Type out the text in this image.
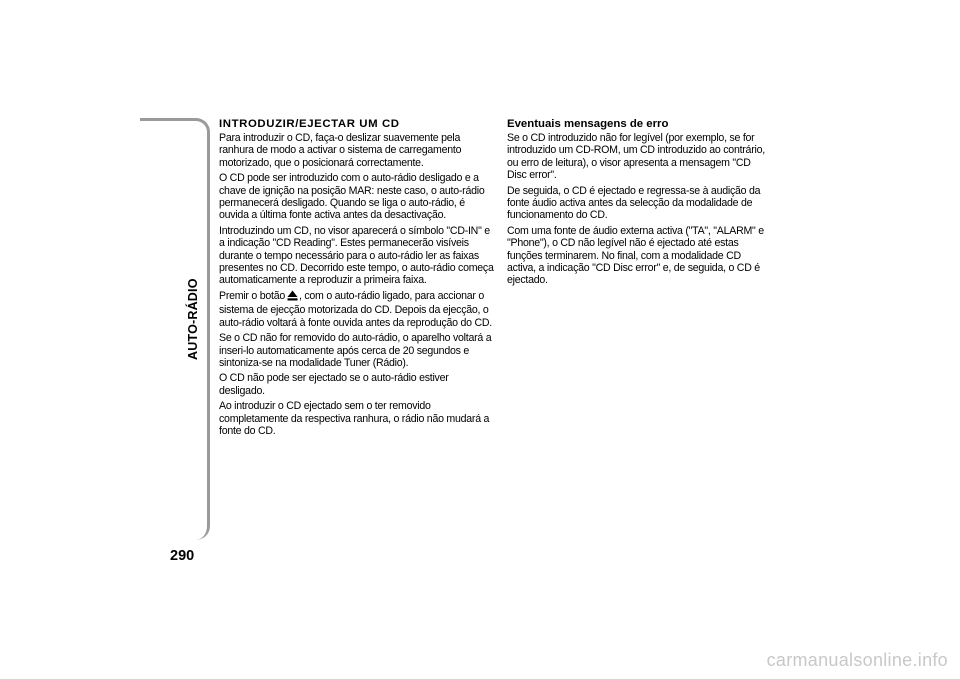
AUTO-RÁDIO
290
INTRODUZIR/EJECTAR UM CD

Para introduzir o CD, faça-o deslizar suavemente pela ranhura de modo a activar o sistema de carregamento motorizado, que o posicionará correctamente.

O CD pode ser introduzido com o auto-rádio desligado e a chave de ignição na posição MAR: neste caso, o auto-rádio permanecerá desligado. Quando se liga o auto-rádio, é ouvida a última fonte activa antes da desactivação.

Introduzindo um CD, no visor aparecerá o símbolo "CD-IN" e a indicação "CD Reading". Estes permanecerão visíveis durante o tempo necessário para o auto-rádio ler as faixas presentes no CD. Decorrido este tempo, o auto-rádio começa automaticamente a reproduzir a primeira faixa.

Premir o botão , com o auto-rádio ligado, para accionar o sistema de ejecção motorizada do CD. Depois da ejecção, o auto-rádio voltará à fonte ouvida antes da reprodução do CD.

Se o CD não for removido do auto-rádio, o aparelho voltará a inseri-lo automaticamente após cerca de 20 segundos e sintoniza-se na modalidade Tuner (Rádio).

O CD não pode ser ejectado se o auto-rádio estiver desligado.

Ao introduzir o CD ejectado sem o ter removido completamente da respectiva ranhura, o rádio não mudará a fonte do CD.

Eventuais mensagens de erro

Se o CD introduzido não for legível (por exemplo, se for introduzido um CD-ROM, um CD introduzido ao contrário, ou erro de leitura), o visor apresenta a mensagem "CD Disc error".

De seguida, o CD é ejectado e regressa-se à audição da fonte áudio activa antes da selecção da modalidade de funcionamento do CD.

Com uma fonte de áudio externa activa ("TA", "ALARM" e "Phone"), o CD não legível não é ejectado até estas funções terminarem. No final, com a modalidade CD activa, a indicação "CD Disc error" e, de seguida, o CD é ejectado.

carmanualsonline.info
